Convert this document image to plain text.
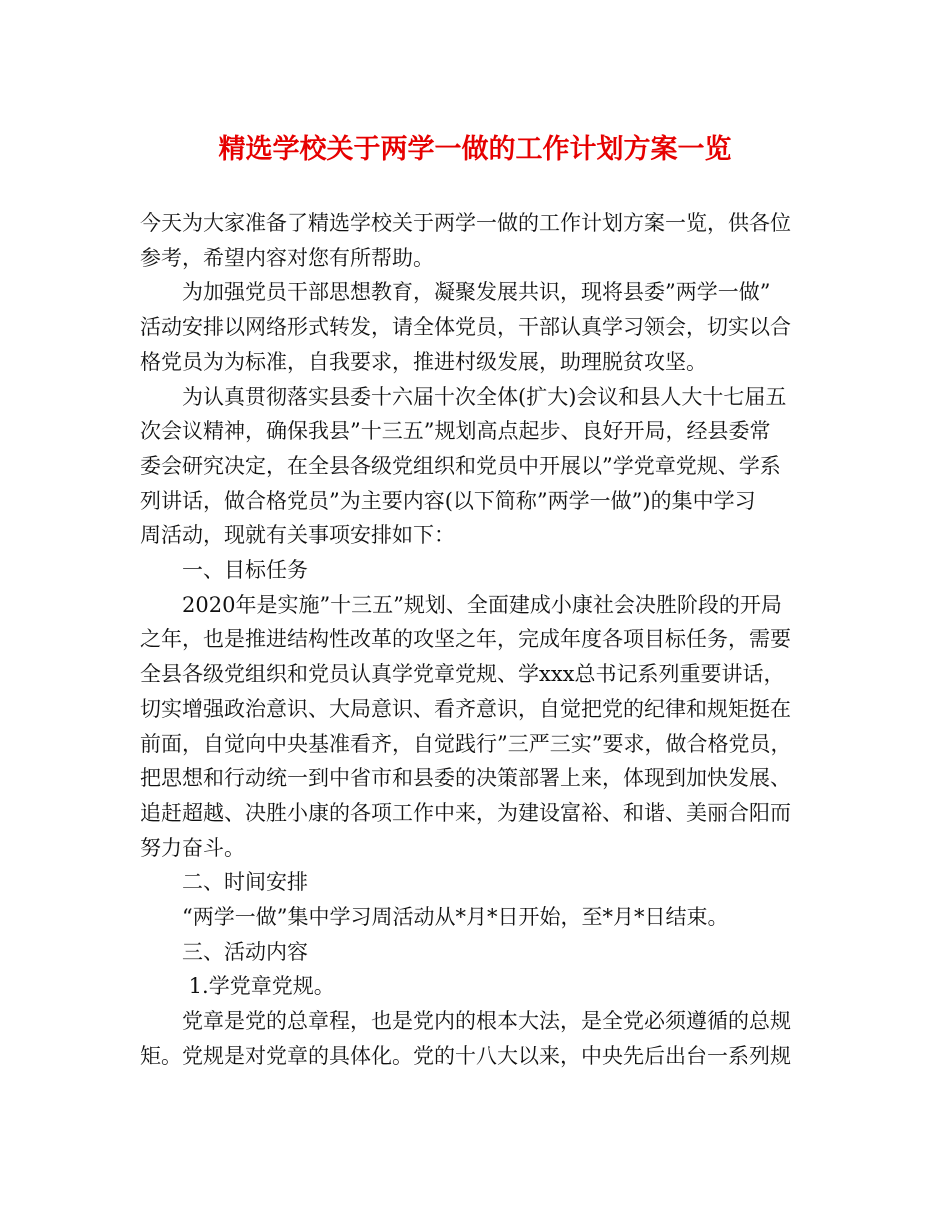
精选学校关于两学一做的工作计划方案一览

今天为大家准备了精选学校关于两学一做的工作计划方案一览，供各位

参考，希望内容对您有所帮助。

　　为加强党员干部思想教育，凝聚发展共识，现将县委”两学一做”

活动安排以网络形式转发，请全体党员，干部认真学习领会，切实以合

格党员为为标准，自我要求，推进村级发展，助理脱贫攻坚。

　　为认真贯彻落实县委十六届十次全体(扩大)会议和县人大十七届五

次会议精神，确保我县”十三五”规划高点起步、良好开局，经县委常

委会研究决定，在全县各级党组织和党员中开展以”学党章党规、学系

列讲话，做合格党员”为主要内容(以下简称”两学一做”)的集中学习

周活动，现就有关事项安排如下：

　　一、目标任务

　　2020年是实施”十三五”规划、全面建成小康社会决胜阶段的开局

之年，也是推进结构性改革的攻坚之年，完成年度各项目标任务，需要

全县各级党组织和党员认真学党章党规、学xxx总书记系列重要讲话，

切实增强政治意识、大局意识、看齐意识，自觉把党的纪律和规矩挺在

前面，自觉向中央基准看齐，自觉践行”三严三实”要求，做合格党员，

把思想和行动统一到中省市和县委的决策部署上来，体现到加快发展、

追赶超越、决胜小康的各项工作中来，为建设富裕、和谐、美丽合阳而

努力奋斗。

　　二、时间安排

　　“两学一做”集中学习周活动从*月*日开始，至*月*日结束。

　　三、活动内容

　　 1.学党章党规。

　　党章是党的总章程，也是党内的根本大法，是全党必须遵循的总规

矩。党规是对党章的具体化。党的十八大以来，中央先后出台一系列规
